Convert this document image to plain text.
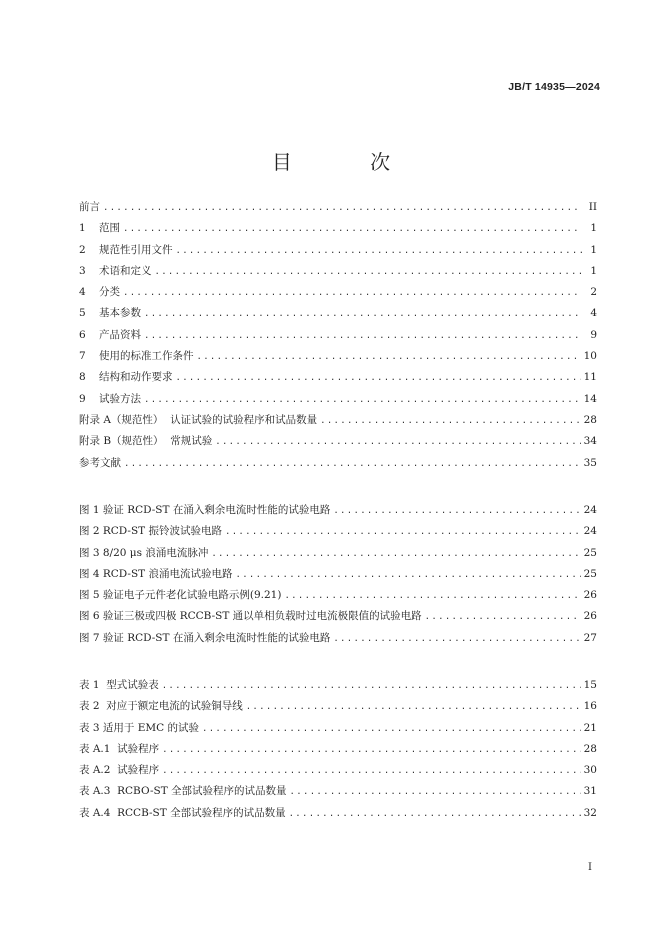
JB/T 14935—2024
目 次
前言 .....	II
1	范围 .....	1
2	规范性引用文件 .....	1
3	术语和定义 .....	1
4	分类 .....	2
5	基本参数 .....	4
6	产品资料 .....	9
7	使用的标准工作条件 .....	10
8	结构和动作要求 .....	11
9	试验方法 .....	14
附录 A（规范性）  认证试验的试验程序和试品数量 .....	28
附录 B（规范性）  常规试验 .....	34
参考文献 .....	35
图 1 验证 RCD-ST 在涌入剩余电流时性能的试验电路 .....	24
图 2 RCD-ST 振铃波试验电路 .....	24
图 3 8/20 μs 浪涌电流脉冲 .....	25
图 4 RCD-ST 浪涌电流试验电路 .....	25
图 5 验证电子元件老化试验电路示例(9.21) .....	26
图 6 验证三极或四极 RCCB-ST 通以单相负载时过电流极限值的试验电路 .....	26
图 7 验证 RCD-ST 在涌入剩余电流时性能的试验电路 .....	27
表 1  型式试验表 .....	15
表 2  对应于额定电流的试验铜导线 .....	16
表 3 适用于 EMC 的试验 .....	21
表 A.1  试验程序 .....	28
表 A.2  试验程序 .....	30
表 A.3  RCBO-ST 全部试验程序的试品数量 .....	31
表 A.4  RCCB-ST 全部试验程序的试品数量 .....	32
I
